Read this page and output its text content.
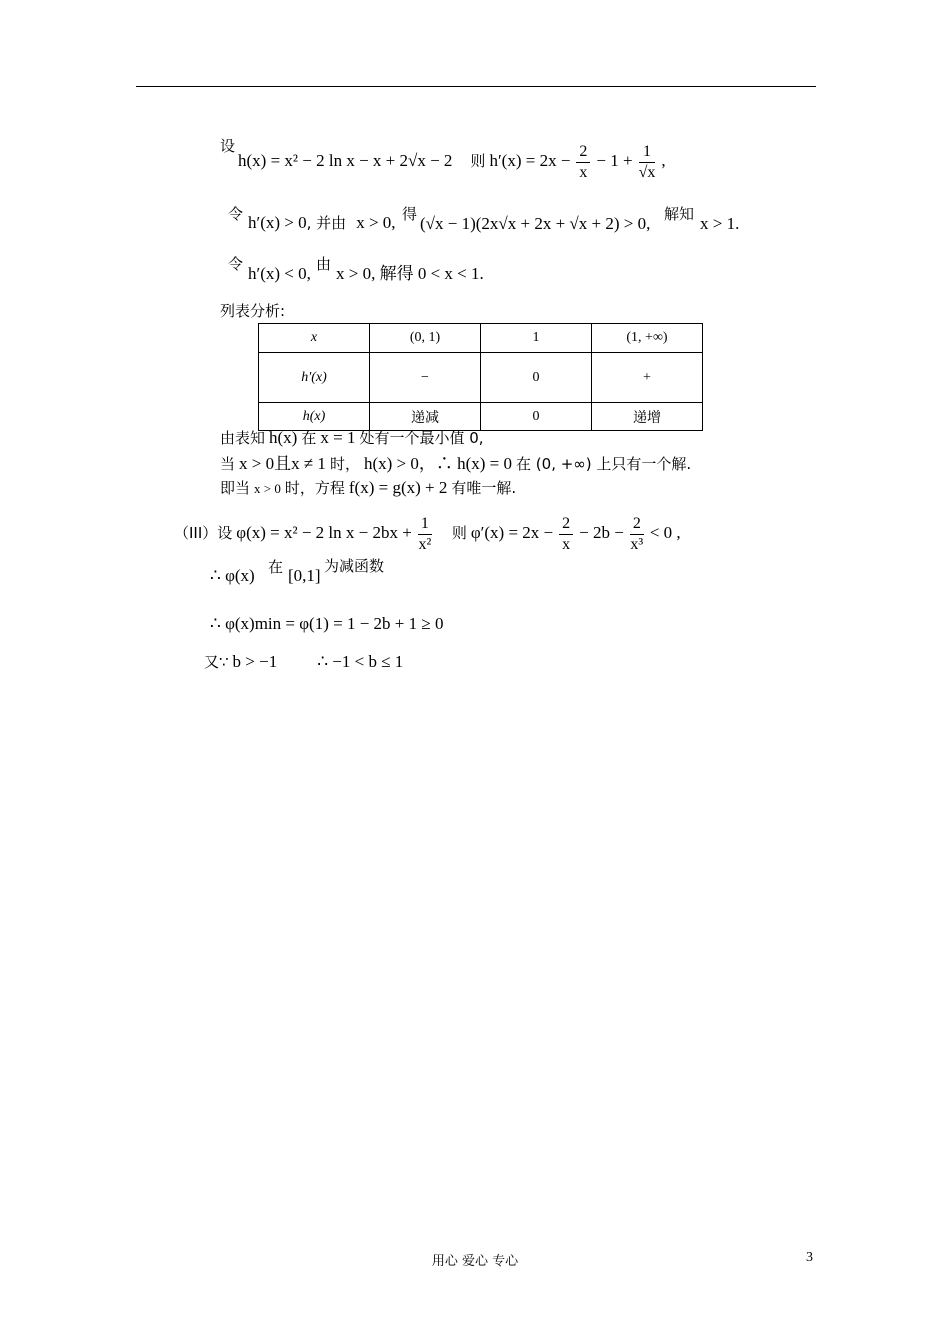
设
h(x) = x² − 2 ln x − x + 2√x − 2 则 $h'(x) = 2x - \frac{2}{x} - 1 + \frac{1}{√x}$ ,
令 h′(x) > 0, 并由 x > 0, 得 (√x − 1)(2x√x + 2x + √x + 2) > 0, 解知 x > 1.
令 h′(x) < 0, 由 x > 0, 解得 0 < x < 1.
列表分析:
x	(0, 1)	1	(1, +∞)
h′(x)	−	0	+
h(x)	递减	0	递增
由表知 h(x) 在 x = 1 处有一个最小值 0,
当 x > 0且x ≠ 1 时， h(x) > 0，∴ h(x) = 0 在 (0, +∞) 上只有一个解.
即当 x > 0 时，方程 f(x) = g(x) + 2 有唯一解.
（III）设 φ(x) = x² − 2 $\ln x - 2bx + \frac{1}{\text{x²}}$ 则 $\varphi'(x) = 2x - \frac{2}{x} - 2b - \frac{2}{\text{x³}} < 0$ ,
∴ φ(x) 在 [0,1] 为减函数
∴ φ(x)min = φ(1) = 1 − 2b + 1 ≥ 0
又∵ b > −1 ∴ −1 < b ≤ 1
用心 爱心 专心	3
